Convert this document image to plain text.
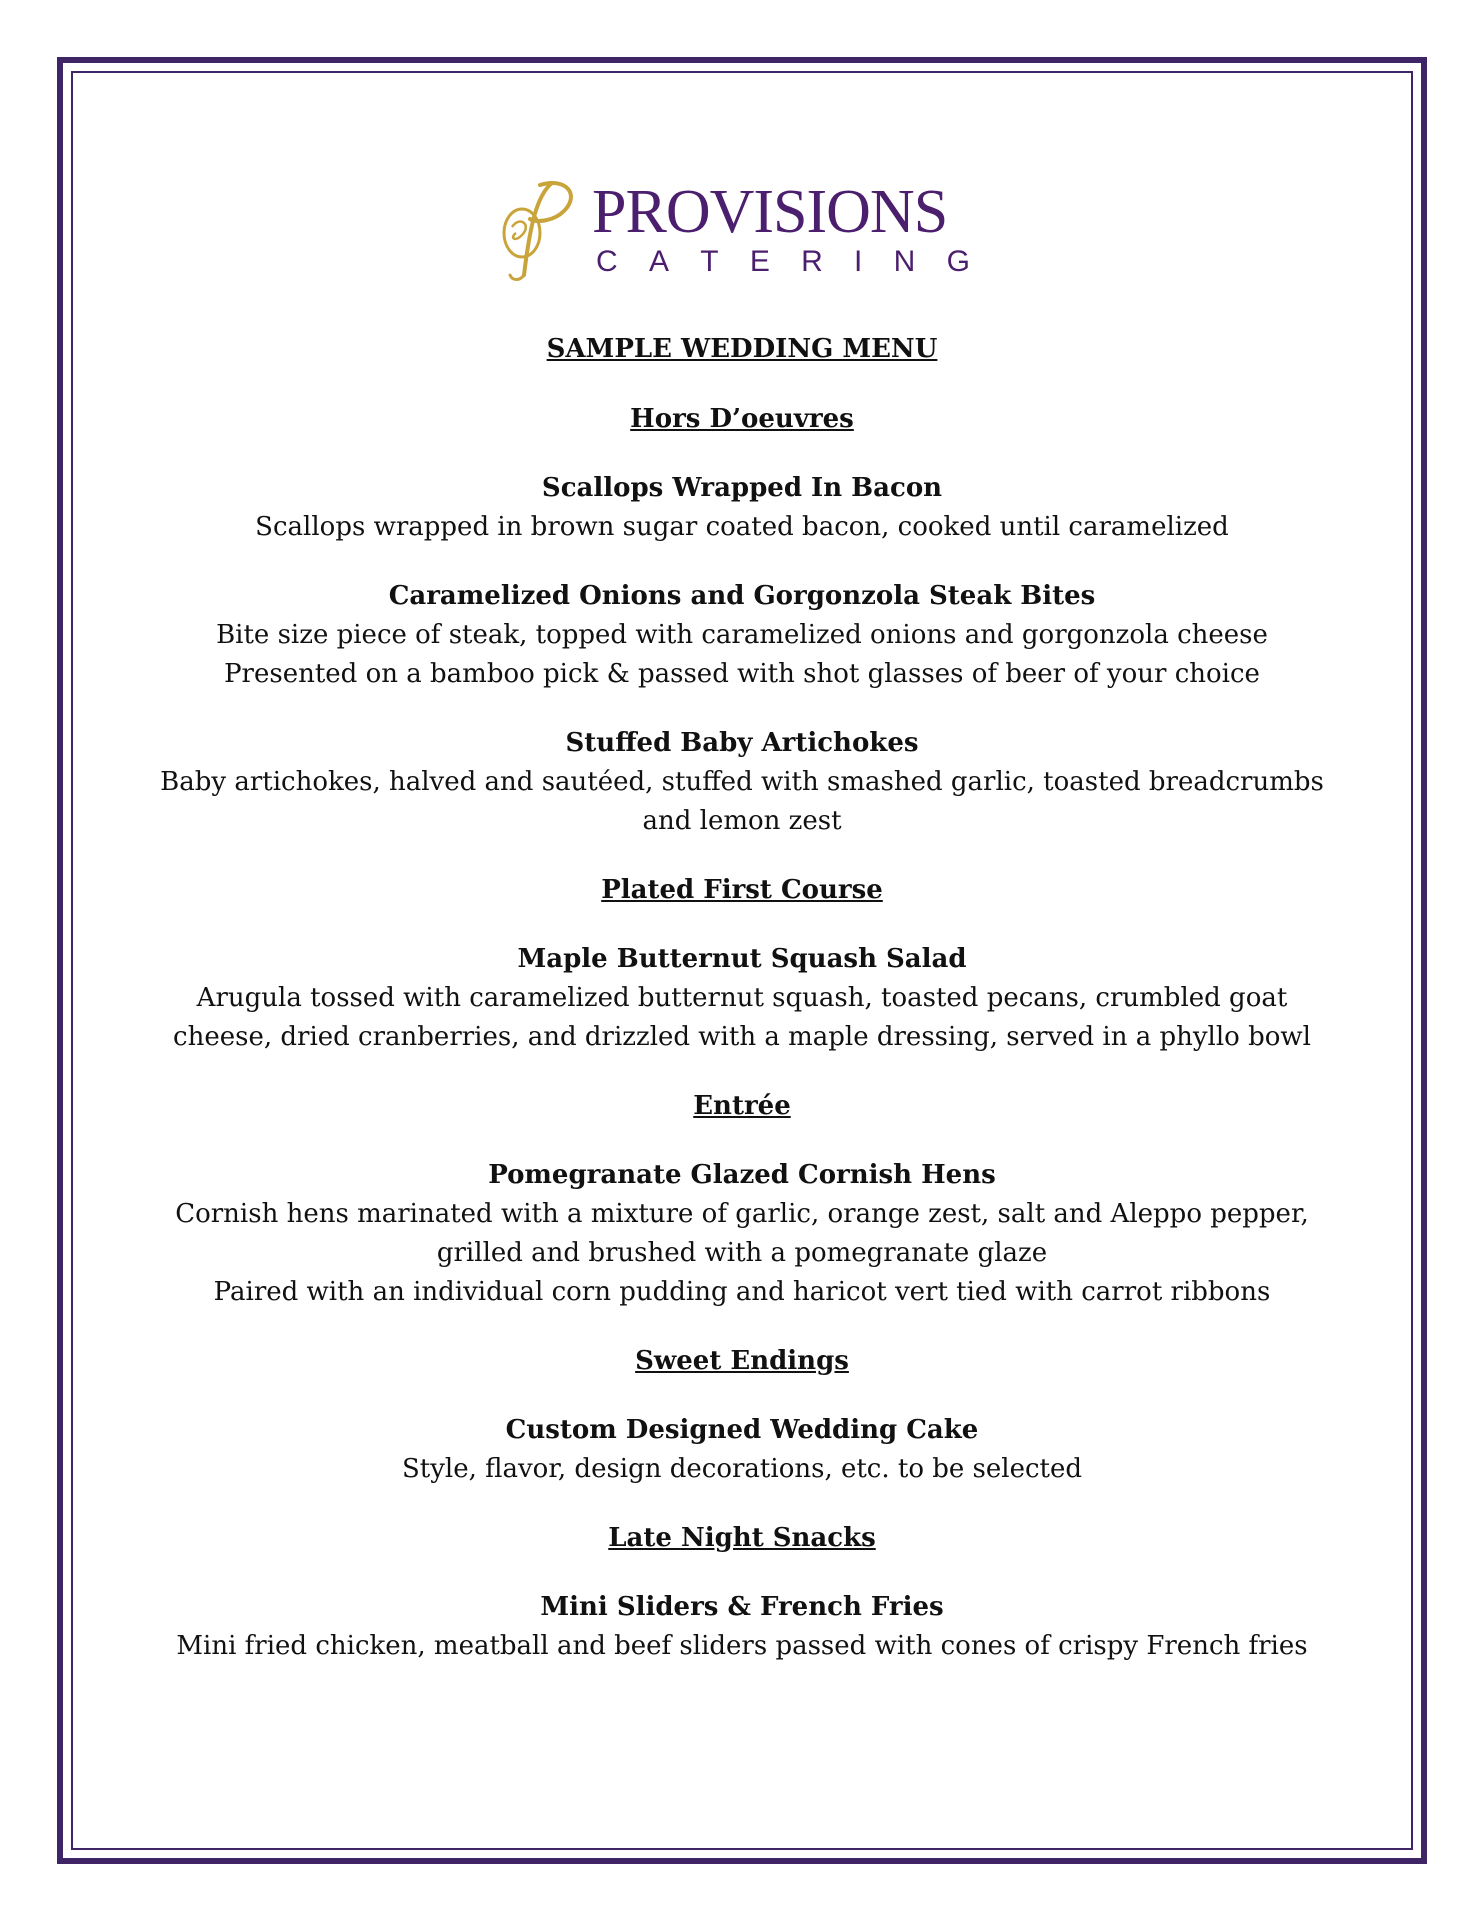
PROVISIONS
C A T E R I N G
SAMPLE WEDDING MENU
Hors D’oeuvres
Scallops Wrapped In Bacon
Scallops wrapped in brown sugar coated bacon, cooked until caramelized
Caramelized Onions and Gorgonzola Steak Bites
Bite size piece of steak, topped with caramelized onions and gorgonzola cheese
Presented on a bamboo pick & passed with shot glasses of beer of your choice
Stuffed Baby Artichokes
Baby artichokes, halved and sautéed, stuffed with smashed garlic, toasted breadcrumbs
and lemon zest
Plated First Course
Maple Butternut Squash Salad
Arugula tossed with caramelized butternut squash, toasted pecans, crumbled goat
cheese, dried cranberries, and drizzled with a maple dressing, served in a phyllo bowl
Entrée
Pomegranate Glazed Cornish Hens
Cornish hens marinated with a mixture of garlic, orange zest, salt and Aleppo pepper,
grilled and brushed with a pomegranate glaze
Paired with an individual corn pudding and haricot vert tied with carrot ribbons
Sweet Endings
Custom Designed Wedding Cake
Style, flavor, design decorations, etc. to be selected
Late Night Snacks
Mini Sliders & French Fries
Mini fried chicken, meatball and beef sliders passed with cones of crispy French fries
